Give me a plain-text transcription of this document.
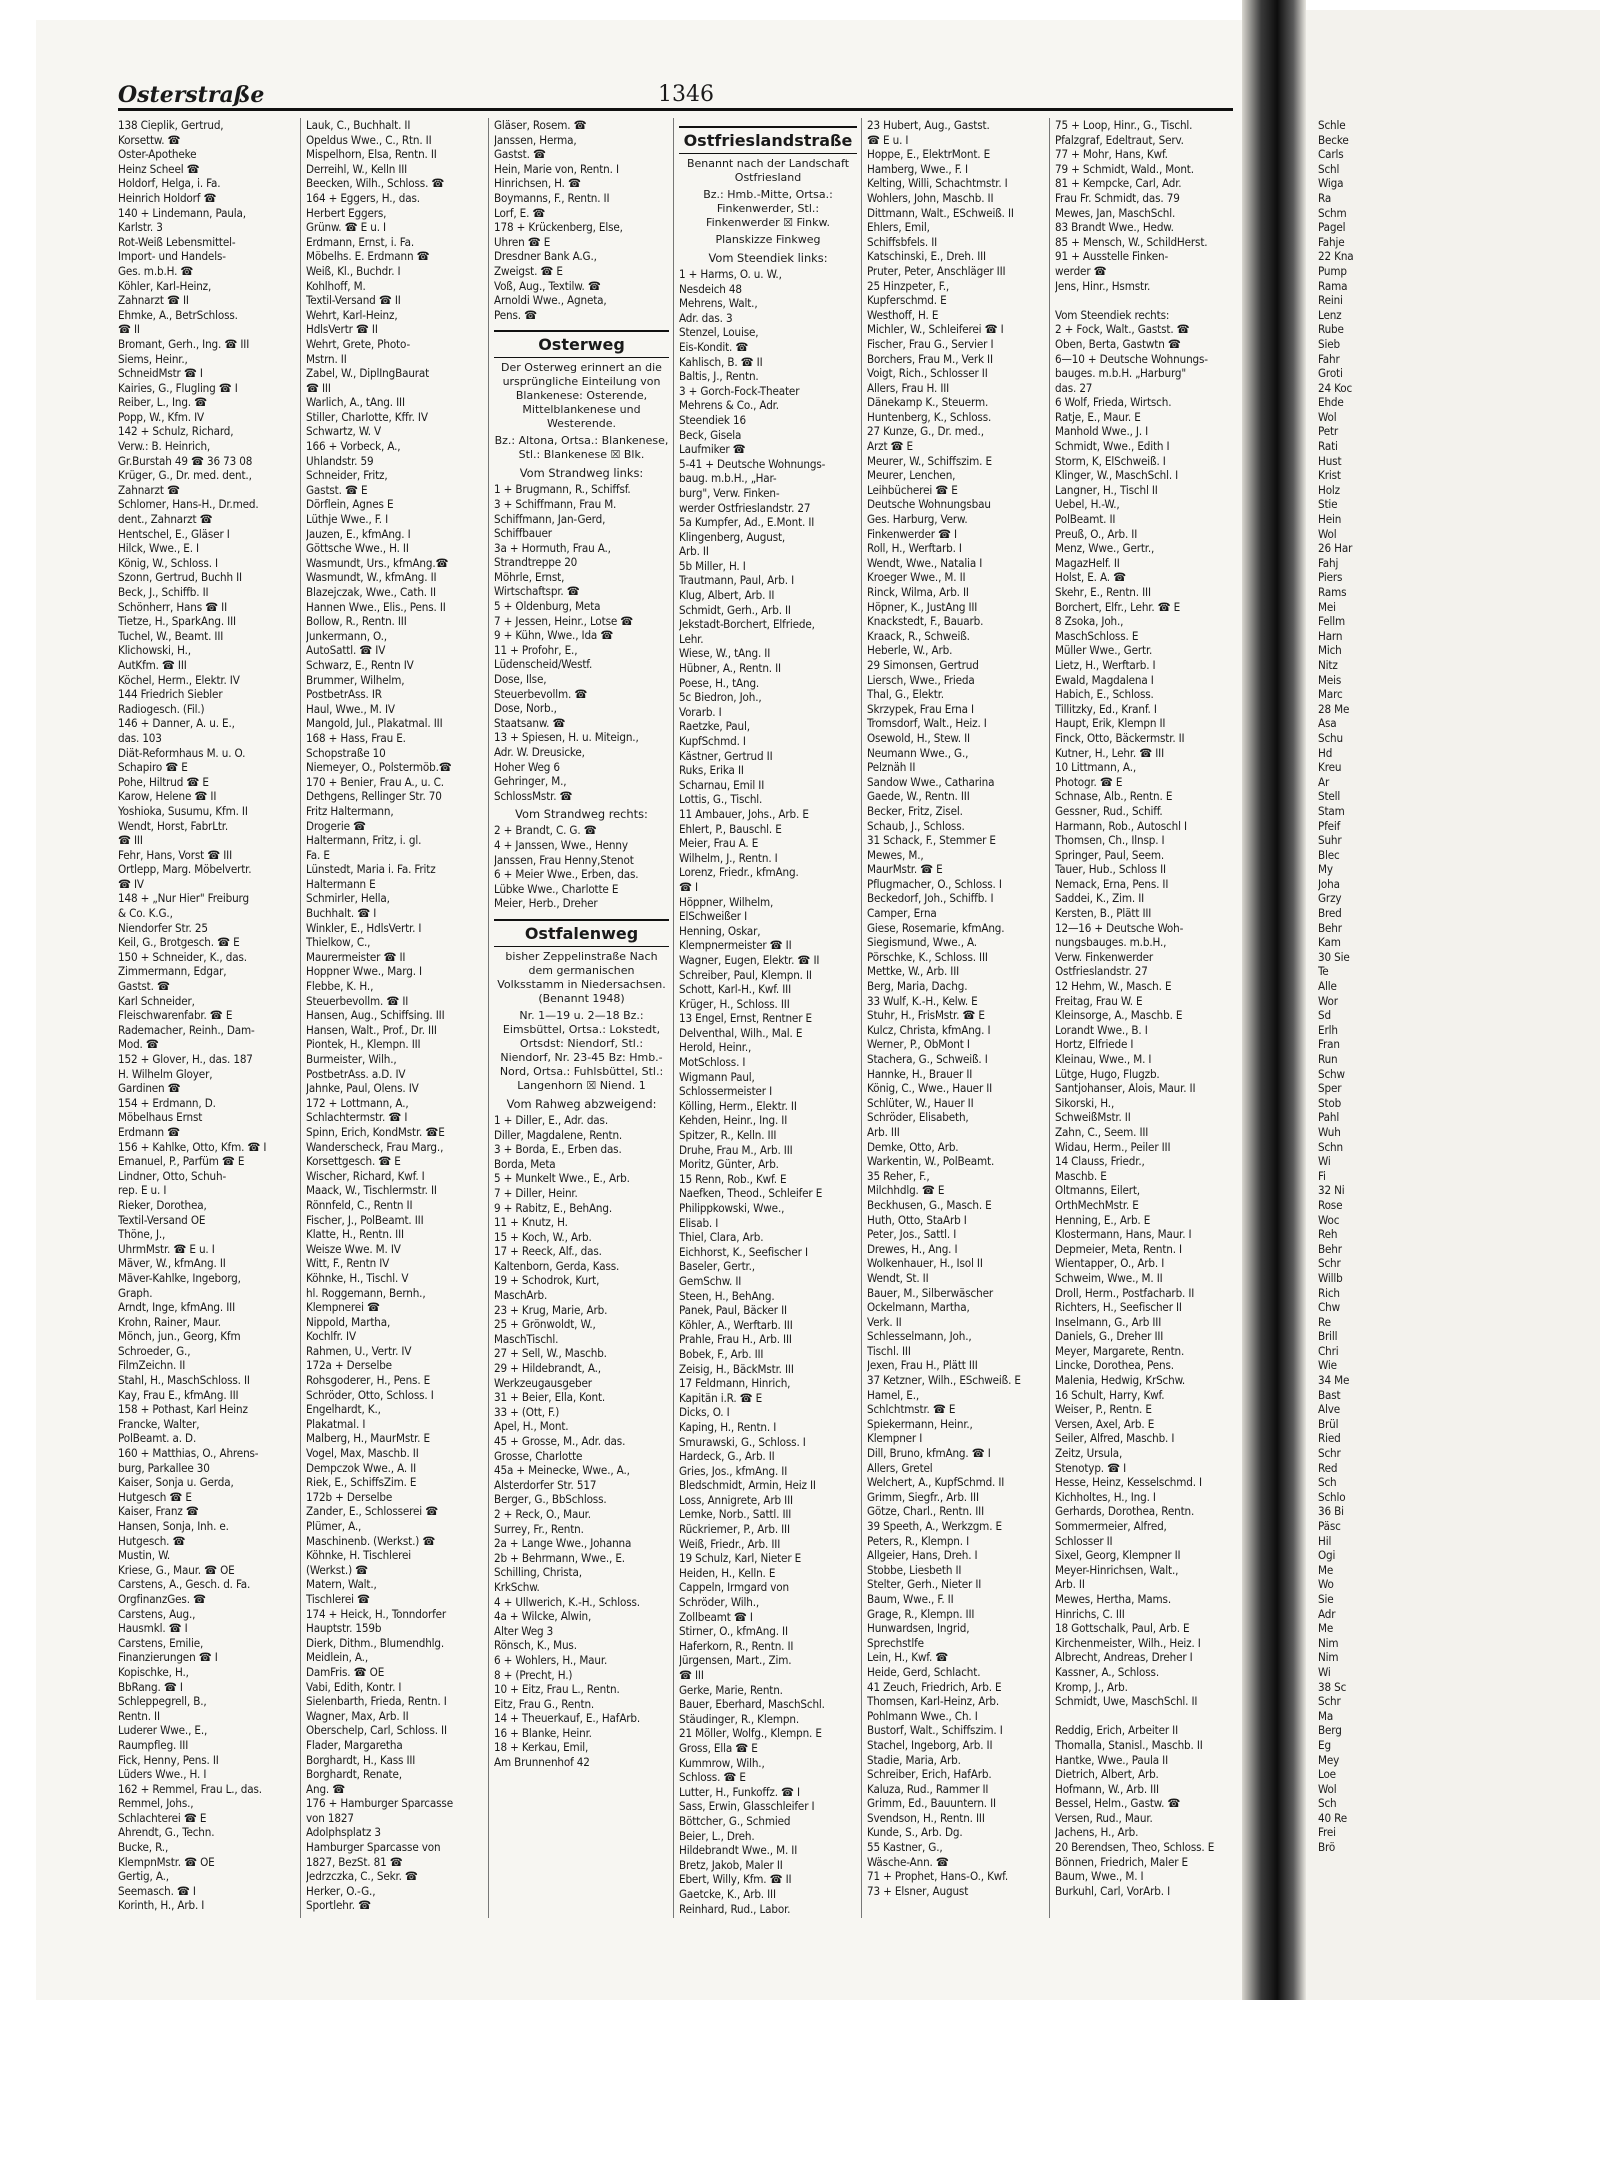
Osterstraße	1346
138 Cieplik, Gertrud,
Korsettw. ☎
Oster-Apotheke
Heinz Scheel ☎
Holdorf, Helga, i. Fa.
Heinrich Holdorf ☎
140 + Lindemann, Paula,
Karlstr. 3
Rot-Weiß Lebensmittel-
Import- und Handels-
Ges. m.b.H. ☎
Köhler, Karl-Heinz,
Zahnarzt ☎ II
Ehmke, A., BetrSchloss.
☎ II
Bromant, Gerh., Ing. ☎ III
Siems, Heinr.,
SchneidMstr ☎ I
Kairies, G., Flugling ☎ I
Reiber, L., Ing. ☎
Popp, W., Kfm. IV
142 + Schulz, Richard,
Verw.: B. Heinrich,
Gr.Burstah 49 ☎ 36 73 08
Krüger, G., Dr. med. dent.,
Zahnarzt ☎
Schlomer, Hans-H., Dr.med.
dent., Zahnarzt ☎
Hentschel, E., Gläser I
Hilck, Wwe., E. I
König, W., Schloss. I
Szonn, Gertrud, Buchh II
Beck, J., Schiffb. II
Schönherr, Hans ☎ II
Tietze, H., SparkAng. III
Tuchel, W., Beamt. III
Klichowski, H.,
AutKfm. ☎ III
Köchel, Herm., Elektr. IV
144 Friedrich Siebler
Radiogesch. (Fil.)
146 + Danner, A. u. E.,
das. 103
Diät-Reformhaus M. u. O.
Schapiro ☎ E
Pohe, Hiltrud ☎ E
Karow, Helene ☎ II
Yoshioka, Susumu, Kfm. II
Wendt, Horst, FabrLtr.
☎ III
Fehr, Hans, Vorst ☎ III
Ortlepp, Marg. Möbelvertr.
☎ IV
148 + „Nur Hier" Freiburg
& Co. K.G.,
Niendorfer Str. 25
Keil, G., Brotgesch. ☎ E
150 + Schneider, K., das.
Zimmermann, Edgar,
Gastst. ☎
Karl Schneider,
Fleischwarenfabr. ☎ E
Rademacher, Reinh., Dam-
Mod. ☎
152 + Glover, H., das. 187
H. Wilhelm Gloyer,
Gardinen ☎
154 + Erdmann, D.
Möbelhaus Ernst
Erdmann ☎
156 + Kahlke, Otto, Kfm. ☎ I
Emanuel, P., Parfüm ☎ E
Lindner, Otto, Schuh-
rep. E u. I
Rieker, Dorothea,
Textil-Versand OE
Thöne, J.,
UhrmMstr. ☎ E u. I
Mäver, W., kfmAng. II
Mäver-Kahlke, Ingeborg,
Graph.
Arndt, Inge, kfmAng. III
Krohn, Rainer, Maur.
Mönch, jun., Georg, Kfm
Schroeder, G.,
FilmZeichn. II
Stahl, H., MaschSchloss. II
Kay, Frau E., kfmAng. III
158 + Pothast, Karl Heinz
Francke, Walter,
PolBeamt. a. D.
160 + Matthias, O., Ahrens-
burg, Parkallee 30
Kaiser, Sonja u. Gerda,
Hutgesch ☎ E
Kaiser, Franz ☎
Hansen, Sonja, Inh. e.
Hutgesch. ☎
Mustin, W.
Kriese, G., Maur. ☎ OE
Carstens, A., Gesch. d. Fa.
OrgfinanzGes. ☎
Carstens, Aug.,
Hausmkl. ☎ I
Carstens, Emilie,
Finanzierungen ☎ I
Kopischke, H.,
BbRang. ☎ I
Schleppegrell, B.,
Rentn. II
Luderer Wwe., E.,
Raumpfleg. III
Fick, Henny, Pens. II
Lüders Wwe., H. I
162 + Remmel, Frau L., das.
Remmel, Johs.,
Schlachterei ☎ E
Ahrendt, G., Techn.
Bucke, R.,
KlempnMstr. ☎ OE
Gertig, A.,
Seemasch. ☎ I
Korinth, H., Arb. I
Lauk, C., Buchhalt. II
Opeldus Wwe., C., Rtn. II
Mispelhorn, Elsa, Rentn. II
Derreihl, W., Kelln III
Beecken, Wilh., Schloss. ☎
164 + Eggers, H., das.
Herbert Eggers,
Grünw. ☎ E u. I
Erdmann, Ernst, i. Fa.
Möbelhs. E. Erdmann ☎
Weiß, Kl., Buchdr. I
Kohlhoff, M.
Textil-Versand ☎ II
Wehrt, Karl-Heinz,
HdlsVertr ☎ II
Wehrt, Grete, Photo-
Mstrn. II
Zabel, W., DiplIngBaurat
☎ III
Warlich, A., tAng. III
Stiller, Charlotte, Kffr. IV
Schwartz, W. V
166 + Vorbeck, A.,
Uhlandstr. 59
Schneider, Fritz,
Gastst. ☎ E
Dörflein, Agnes E
Lüthje Wwe., F. I
Jauzen, E., kfmAng. I
Göttsche Wwe., H. II
Wasmundt, Urs., kfmAng.☎
Wasmundt, W., kfmAng. II
Blazejczak, Wwe., Cath. II
Hannen Wwe., Elis., Pens. II
Bollow, R., Rentn. III
Junkermann, O.,
AutoSattl. ☎ IV
Schwarz, E., Rentn IV
Brummer, Wilhelm,
PostbetrAss. IR
Haul, Wwe., M. IV
Mangold, Jul., Plakatmal. III
168 + Hass, Frau E.
Schopstraße 10
Niemeyer, O., Polstermöb.☎
170 + Benier, Frau A., u. C.
Dethgens, Rellinger Str. 70
Fritz Haltermann,
Drogerie ☎
Haltermann, Fritz, i. gl.
Fa. E
Lünstedt, Maria i. Fa. Fritz
Haltermann E
Schmirler, Hella,
Buchhalt. ☎ I
Winkler, E., HdlsVertr. I
Thielkow, C.,
Maurermeister ☎ II
Hoppner Wwe., Marg. I
Flebbe, K. H.,
Steuerbevollm. ☎ II
Hansen, Aug., Schiffsing. III
Hansen, Walt., Prof., Dr. III
Piontek, H., Klempn. III
Burmeister, Wilh.,
PostbetrAss. a.D. IV
Jahnke, Paul, Olens. IV
172 + Lottmann, A.,
Schlachtermstr. ☎ I
Spinn, Erich, KondMstr. ☎E
Wanderscheck, Frau Marg.,
Korsettgesch. ☎ E
Wischer, Richard, Kwf. I
Maack, W., Tischlermstr. II
Rönnfeld, C., Rentn II
Fischer, J., PolBeamt. III
Klatte, H., Rentn. III
Weisze Wwe. M. IV
Witt, F., Rentn IV
Köhnke, H., Tischl. V
hl. Roggemann, Bernh.,
Klempnerei ☎
Nippold, Martha,
Kochlfr. IV
Rahmen, U., Vertr. IV
172a + Derselbe
Rohsgoderer, H., Pens. E
Schröder, Otto, Schloss. I
Engelhardt, K.,
Plakatmal. I
Malberg, H., MaurMstr. E
Vogel, Max, Maschb. II
Dempczok Wwe., A. II
Riek, E., SchiffsZim. E
172b + Derselbe
Zander, E., Schlosserei ☎
Plümer, A.,
Maschinenb. (Werkst.) ☎
Köhnke, H. Tischlerei
(Werkst.) ☎
Matern, Walt.,
Tischlerei ☎
174 + Heick, H., Tonndorfer
Hauptstr. 159b
Dierk, Dithm., Blumendhlg.
Meidlein, A.,
DamFris. ☎ OE
Vabi, Edith, Kontr. I
Sielenbarth, Frieda, Rentn. I
Wagner, Max, Arb. II
Oberschelp, Carl, Schloss. II
Flader, Margaretha
Borghardt, H., Kass III
Borghardt, Renate,
Ang. ☎
176 + Hamburger Sparcasse
von 1827
Adolphsplatz 3
Hamburger Sparcasse von
1827, BezSt. 81 ☎
Jedrzczka, C., Sekr. ☎
Herker, O.-G.,
Sportlehr. ☎
Gläser, Rosem. ☎
Janssen, Herma,
Gastst. ☎
Hein, Marie von, Rentn. I
Hinrichsen, H. ☎
Boymanns, F., Rentn. II
Lorf, E. ☎
178 + Krückenberg, Else,
Uhren ☎ E
Dresdner Bank A.G.,
Zweigst. ☎ E
Voß, Aug., Textilw. ☎
Arnoldi Wwe., Agneta,
Pens. ☎
Osterweg
Der Osterweg erinnert an die ursprüngliche Einteilung von Blankenese: Osterende, Mittelblankenese und Westerende.
Bz.: Altona, Ortsa.: Blankenese, Stl.: Blankenese ☒ Blk.
Vom Strandweg links:
1 + Brugmann, R., Schiffsf.
3 + Schiffmann, Frau M.
Schiffmann, Jan-Gerd,
Schiffbauer
3a + Hormuth, Frau A.,
Strandtreppe 20
Möhrle, Ernst,
Wirtschaftspr. ☎
5 + Oldenburg, Meta
7 + Jessen, Heinr., Lotse ☎
9 + Kühn, Wwe., Ida ☎
11 + Profohr, E.,
Lüdenscheid/Westf.
Dose, Ilse,
Steuerbevollm. ☎
Dose, Norb.,
Staatsanw. ☎
13 + Spiesen, H. u. Miteign.,
Adr. W. Dreusicke,
Hoher Weg 6
Gehringer, M.,
SchlossMstr. ☎
Vom Strandweg rechts:
2 + Brandt, C. G. ☎
4 + Janssen, Wwe., Henny
Janssen, Frau Henny,Stenot
6 + Meier Wwe., Erben, das.
Lübke Wwe., Charlotte E
Meier, Herb., Dreher
Ostfalenweg
bisher Zeppelinstraße Nach dem germanischen Volksstamm in Niedersachsen. (Benannt 1948)
Nr. 1—19 u. 2—18 Bz.: Eimsbüttel, Ortsa.: Lokstedt, Ortsdst: Niendorf, Stl.: Niendorf, Nr. 23-45 Bz: Hmb.-Nord, Ortsa.: Fuhlsbüttel, Stl.: Langenhorn ☒ Niend. 1
Vom Rahweg abzweigend:
1 + Diller, E., Adr. das.
Diller, Magdalene, Rentn.
3 + Borda, E., Erben das.
Borda, Meta
5 + Munkelt Wwe., E., Arb.
7 + Diller, Heinr.
9 + Rabitz, E., BehAng.
11 + Knutz, H.
15 + Koch, W., Arb.
17 + Reeck, Alf., das.
Kaltenborn, Gerda, Kass.
19 + Schodrok, Kurt,
MaschArb.
23 + Krug, Marie, Arb.
25 + Grönwoldt, W.,
MaschTischl.
27 + Sell, W., Maschb.
29 + Hildebrandt, A.,
Werkzeugausgeber
31 + Beier, Ella, Kont.
33 + (Ott, F.)
Apel, H., Mont.
45 + Grosse, M., Adr. das.
Grosse, Charlotte
45a + Meinecke, Wwe., A.,
Alsterdorfer Str. 517
Berger, G., BbSchloss.
2 + Reck, O., Maur.
Surrey, Fr., Rentn.
2a + Lange Wwe., Johanna
2b + Behrmann, Wwe., E.
Schilling, Christa,
KrkSchw.
4 + Ullwerich, K.-H., Schloss.
4a + Wilcke, Alwin,
Alter Weg 3
Rönsch, K., Mus.
6 + Wohlers, H., Maur.
8 + (Precht, H.)
10 + Eitz, Frau L., Rentn.
Eitz, Frau G., Rentn.
14 + Theuerkauf, E., HafArb.
16 + Blanke, Heinr.
18 + Kerkau, Emil,
Am Brunnenhof 42
Ostfrieslandstraße
Benannt nach der Landschaft Ostfriesland
Bz.: Hmb.-Mitte, Ortsa.: Finkenwerder, Stl.: Finkenwerder ☒ Finkw.
Planskizze Finkweg
Vom Steendiek links:
1 + Harms, O. u. W.,
Nesdeich 48
Mehrens, Walt.,
Adr. das. 3
Stenzel, Louise,
Eis-Kondit. ☎
Kahlisch, B. ☎ II
Baltis, J., Rentn.
3 + Gorch-Fock-Theater
Mehrens & Co., Adr.
Steendiek 16
Beck, Gisela
Laufmiker ☎
5-41 + Deutsche Wohnungs-
baug. m.b.H., „Har-
burg", Verw. Finken-
werder Ostfrieslandstr. 27
5a Kumpfer, Ad., E.Mont. II
Klingenberg, August,
Arb. II
5b Miller, H. I
Trautmann, Paul, Arb. I
Klug, Albert, Arb. II
Schmidt, Gerh., Arb. II
Jekstadt-Borchert, Elfriede,
Lehr.
Wiese, W., tAng. II
Hübner, A., Rentn. II
Poese, H., tAng.
5c Biedron, Joh.,
Vorarb. I
Raetzke, Paul,
KupfSchmd. I
Kästner, Gertrud II
Ruks, Erika II
Scharnau, Emil II
Lottis, G., Tischl.
11 Ambauer, Johs., Arb. E
Ehlert, P., Bauschl. E
Meier, Frau A. E
Wilhelm, J., Rentn. I
Lorenz, Friedr., kfmAng.
☎ I
Höppner, Wilhelm,
ElSchweißer I
Henning, Oskar,
Klempnermeister ☎ II
Wagner, Eugen, Elektr. ☎ II
Schreiber, Paul, Klempn. II
Schott, Karl-H., Kwf. III
Krüger, H., Schloss. III
13 Engel, Ernst, Rentner E
Delventhal, Wilh., Mal. E
Herold, Heinr.,
MotSchloss. I
Wigmann Paul,
Schlossermeister I
Kölling, Herm., Elektr. II
Kehden, Heinr., Ing. II
Spitzer, R., Kelln. III
Druhe, Frau M., Arb. III
Moritz, Günter, Arb.
15 Renn, Rob., Kwf. E
Naefken, Theod., Schleifer E
Philippkowski, Wwe.,
Elisab. I
Thiel, Clara, Arb.
Eichhorst, K., Seefischer I
Baseler, Gertr.,
GemSchw. II
Steen, H., BehAng.
Panek, Paul, Bäcker II
Köhler, A., Werftarb. III
Prahle, Frau H., Arb. III
Bobek, F., Arb. III
Zeisig, H., BäckMstr. III
17 Feldmann, Hinrich,
Kapitän i.R. ☎ E
Dicks, O. I
Kaping, H., Rentn. I
Smurawski, G., Schloss. I
Hardeck, G., Arb. II
Gries, Jos., kfmAng. II
Bledschmidt, Armin, Heiz II
Loss, Annigrete, Arb III
Lemke, Norb., Sattl. III
Rückriemer, P., Arb. III
Weiß, Friedr., Arb. III
19 Schulz, Karl, Nieter E
Heiden, H., Kelln. E
Cappeln, Irmgard von
Schröder, Wilh.,
Zollbeamt ☎ I
Stirner, O., kfmAng. II
Haferkorn, R., Rentn. II
Jürgensen, Mart., Zim.
☎ III
Gerke, Marie, Rentn.
Bauer, Eberhard, MaschSchl.
Stäudinger, R., Klempn.
21 Möller, Wolfg., Klempn. E
Gross, Ella ☎ E
Kummrow, Wilh.,
Schloss. ☎ E
Lutter, H., Funkoffz. ☎ I
Sass, Erwin, Glasschleifer I
Böttcher, G., Schmied
Beier, L., Dreh.
Hildebrandt Wwe., M. II
Bretz, Jakob, Maler II
Ebert, Willy, Kfm. ☎ II
Gaetcke, K., Arb. III
Reinhard, Rud., Labor.
23 Hubert, Aug., Gastst.
☎ E u. I
Hoppe, E., ElektrMont. E
Hamberg, Wwe., F. I
Kelting, Willi, Schachtmstr. I
Wohlers, John, Maschb. II
Dittmann, Walt., ESchweiß. II
Ehlers, Emil,
Schiffsbfels. II
Katschinski, E., Dreh. III
Pruter, Peter, Anschläger III
25 Hinzpeter, F.,
Kupferschmd. E
Westhoff, H. E
Michler, W., Schleiferei ☎ I
Fischer, Frau G., Servier I
Borchers, Frau M., Verk II
Voigt, Rich., Schlosser II
Allers, Frau H. III
Dänekamp K., Steuerm.
Huntenberg, K., Schloss.
27 Kunze, G., Dr. med.,
Arzt ☎ E
Meurer, W., Schiffszim. E
Meurer, Lenchen,
Leihbücherei ☎ E
Deutsche Wohnungsbau
Ges. Harburg, Verw.
Finkenwerder ☎ I
Roll, H., Werftarb. I
Wendt, Wwe., Natalia I
Kroeger Wwe., M. II
Rinck, Wilma, Arb. II
Höpner, K., JustAng III
Knackstedt, F., Bauarb.
Kraack, R., Schweiß.
Heberle, W., Arb.
29 Simonsen, Gertrud
Liersch, Wwe., Frieda
Thal, G., Elektr.
Skrzypek, Frau Erna I
Tromsdorf, Walt., Heiz. I
Osewold, H., Stew. II
Neumann Wwe., G.,
Pelznäh II
Sandow Wwe., Catharina
Gaede, W., Rentn. III
Becker, Fritz, Zisel.
Schaub, J., Schloss.
31 Schack, F., Stemmer E
Mewes, M.,
MaurMstr. ☎ E
Pflugmacher, O., Schloss. I
Beckedorf, Joh., Schiffb. I
Camper, Erna
Giese, Rosemarie, kfmAng.
Siegismund, Wwe., A.
Pörschke, K., Schloss. III
Mettke, W., Arb. III
Berg, Maria, Dachg.
33 Wulf, K.-H., Kelw. E
Stuhr, H., FrisMstr. ☎ E
Kulcz, Christa, kfmAng. I
Werner, P., ObMont I
Stachera, G., Schweiß. I
Hannke, H., Brauer II
König, C., Wwe., Hauer II
Schlüter, W., Hauer II
Schröder, Elisabeth,
Arb. III
Demke, Otto, Arb.
Warkentin, W., PolBeamt.
35 Reher, F.,
Milchhdlg. ☎ E
Beckhusen, G., Masch. E
Huth, Otto, StaArb I
Peter, Jos., Sattl. I
Drewes, H., Ang. I
Wolkenhauer, H., Isol II
Wendt, St. II
Bauer, M., Silberwäscher
Ockelmann, Martha,
Verk. II
Schlesselmann, Joh.,
Tischl. III
Jexen, Frau H., Plätt III
37 Ketzner, Wilh., ESchweiß. E
Hamel, E.,
Schlchtmstr. ☎ E
Spiekermann, Heinr.,
Klempner I
Dill, Bruno, kfmAng. ☎ I
Allers, Gretel
Welchert, A., KupfSchmd. II
Grimm, Siegfr., Arb. III
Götze, Charl., Rentn. III
39 Speeth, A., Werkzgm. E
Peters, R., Klempn. I
Allgeier, Hans, Dreh. I
Stobbe, Liesbeth II
Stelter, Gerh., Nieter II
Baum, Wwe., F. II
Grage, R., Klempn. III
Hunwardsen, Ingrid,
Sprechstlfe
Lein, H., Kwf. ☎
Heide, Gerd, Schlacht.
41 Zeuch, Friedrich, Arb. E
Thomsen, Karl-Heinz, Arb.
Pohlmann Wwe., Ch. I
Bustorf, Walt., Schiffszim. I
Stachel, Ingeborg, Arb. II
Stadie, Maria, Arb.
Schreiber, Erich, HafArb.
Kaluza, Rud., Rammer II
Grimm, Ed., Bauuntern. II
Svendson, H., Rentn. III
Kunde, S., Arb. Dg.
55 Kastner, G.,
Wäsche-Ann. ☎
71 + Prophet, Hans-O., Kwf.
73 + Elsner, August
75 + Loop, Hinr., G., Tischl.
Pfalzgraf, Edeltraut, Serv.
77 + Mohr, Hans, Kwf.
79 + Schmidt, Wald., Mont.
81 + Kempcke, Carl, Adr.
Frau Fr. Schmidt, das. 79
Mewes, Jan, MaschSchl.
83 Brandt Wwe., Hedw.
85 + Mensch, W., SchildHerst.
91 + Ausstelle Finken-
werder ☎
Jens, Hinr., Hsmstr.

Vom Steendiek rechts:
2 + Fock, Walt., Gastst. ☎
Oben, Berta, Gastwtn ☎
6—10 + Deutsche Wohnungs-
bauges. m.b.H. „Harburg"
das. 27
6 Wolf, Frieda, Wirtsch.
Ratje, E., Maur. E
Manhold Wwe., J. I
Schmidt, Wwe., Edith I
Storm, K, ElSchweiß. I
Klinger, W., MaschSchl. I
Langner, H., Tischl II
Uebel, H.-W.,
PolBeamt. II
Preuß, O., Arb. II
Menz, Wwe., Gertr.,
MagazHelf. II
Holst, E. A. ☎
Skehr, E., Rentn. III
Borchert, Elfr., Lehr. ☎ E
8 Zsoka, Joh.,
MaschSchloss. E
Müller Wwe., Gertr.
Lietz, H., Werftarb. I
Ewald, Magdalena I
Habich, E., Schloss.
Tillitzky, Ed., Kranf. I
Haupt, Erik, Klempn II
Finck, Otto, Bäckermstr. II
Kutner, H., Lehr. ☎ III
10 Littmann, A.,
Photogr. ☎ E
Schnase, Alb., Rentn. E
Gessner, Rud., Schiff.
Harmann, Rob., Autoschl I
Thomsen, Ch., Ilnsp. I
Springer, Paul, Seem.
Tauer, Hub., Schloss II
Nemack, Erna, Pens. II
Saddei, K., Zim. II
Kersten, B., Plätt III
12—16 + Deutsche Woh-
nungsbauges. m.b.H.,
Verw. Finkenwerder
Ostfrieslandstr. 27
12 Hehm, W., Masch. E
Freitag, Frau W. E
Kleinsorge, A., Maschb. E
Lorandt Wwe., B. I
Hortz, Elfriede I
Kleinau, Wwe., M. I
Lütge, Hugo, Flugzb.
Santjohanser, Alois, Maur. II
Sikorski, H.,
SchweißMstr. II
Zahn, C., Seem. III
Widau, Herm., Peiler III
14 Clauss, Friedr.,
Maschb. E
Oltmanns, Eilert,
OrthMechMstr. E
Henning, E., Arb. E
Klostermann, Hans, Maur. I
Depmeier, Meta, Rentn. I
Wientapper, O., Arb. I
Schweim, Wwe., M. II
Droll, Herm., Postfacharb. II
Richters, H., Seefischer II
Inselmann, G., Arb III
Daniels, G., Dreher III
Meyer, Margarete, Rentn.
Lincke, Dorothea, Pens.
Malenia, Hedwig, KrSchw.
16 Schult, Harry, Kwf.
Weiser, P., Rentn. E
Versen, Axel, Arb. E
Seiler, Alfred, Maschb. I
Zeitz, Ursula,
Stenotyp. ☎ I
Hesse, Heinz, Kesselschmd. I
Kichholtes, H., Ing. I
Gerhards, Dorothea, Rentn.
Sommermeier, Alfred,
Schlosser II
Sixel, Georg, Klempner II
Meyer-Hinrichsen, Walt.,
Arb. II
Mewes, Hertha, Mams.
Hinrichs, C. III
18 Gottschalk, Paul, Arb. E
Kirchenmeister, Wilh., Heiz. I
Albrecht, Andreas, Dreher I
Kassner, A., Schloss.
Kromp, J., Arb.
Schmidt, Uwe, MaschSchl. II

Reddig, Erich, Arbeiter II
Thomalla, Stanisl., Maschb. II
Hantke, Wwe., Paula II
Dietrich, Albert, Arb.
Hofmann, W., Arb. III
Bessel, Helm., Gastw. ☎
Versen, Rud., Maur.
Jachens, H., Arb.
20 Berendsen, Theo, Schloss. E
Bönnen, Friedrich, Maler E
Baum, Wwe., M. I
Burkuhl, Carl, VorArb. I
Schle
Becke
Carls
Schl
Wiga
Ra
Schm
Pagel
Fahje
22 Kna
Pump
Rama
Reini
Lenz
Rube
Sieb
Fahr
Groti
24 Koc
Ehde
Wol
Petr
Rati
Hust
Krist
Holz
Stie
Hein
Wol
26 Har
Fahj
Piers
Rams
Mei
Fellm
Harn
Mich
Nitz
Meis
Marc
28 Me
Asa
Schu
Hd
Kreu
Ar
Stell
Stam
Pfeif
Suhr
Blec
My
Joha
Grzy
Bred
Behr
Kam
30 Sie
Te
Alle
Wor
Sd
Erlh
Fran
Run
Schw
Sper
Stob
Pahl
Wuh
Schn
Wi
Fi
32 Ni
Rose
Woc
Reh
Behr
Schr
Willb
Rich
Chw
Re
Brill
Chri
Wie
34 Me
Bast
Alve
Brül
Ried
Schr
Red
Sch
Schlo
36 Bi
Päsc
Hil
Ogi
Me
Wo
Sie
Adr
Me
Nim
Nim
Wi
38 Sc
Schr
Ma
Berg
Eg
Mey
Loe
Wol
Sch
40 Re
Frei
Brö
